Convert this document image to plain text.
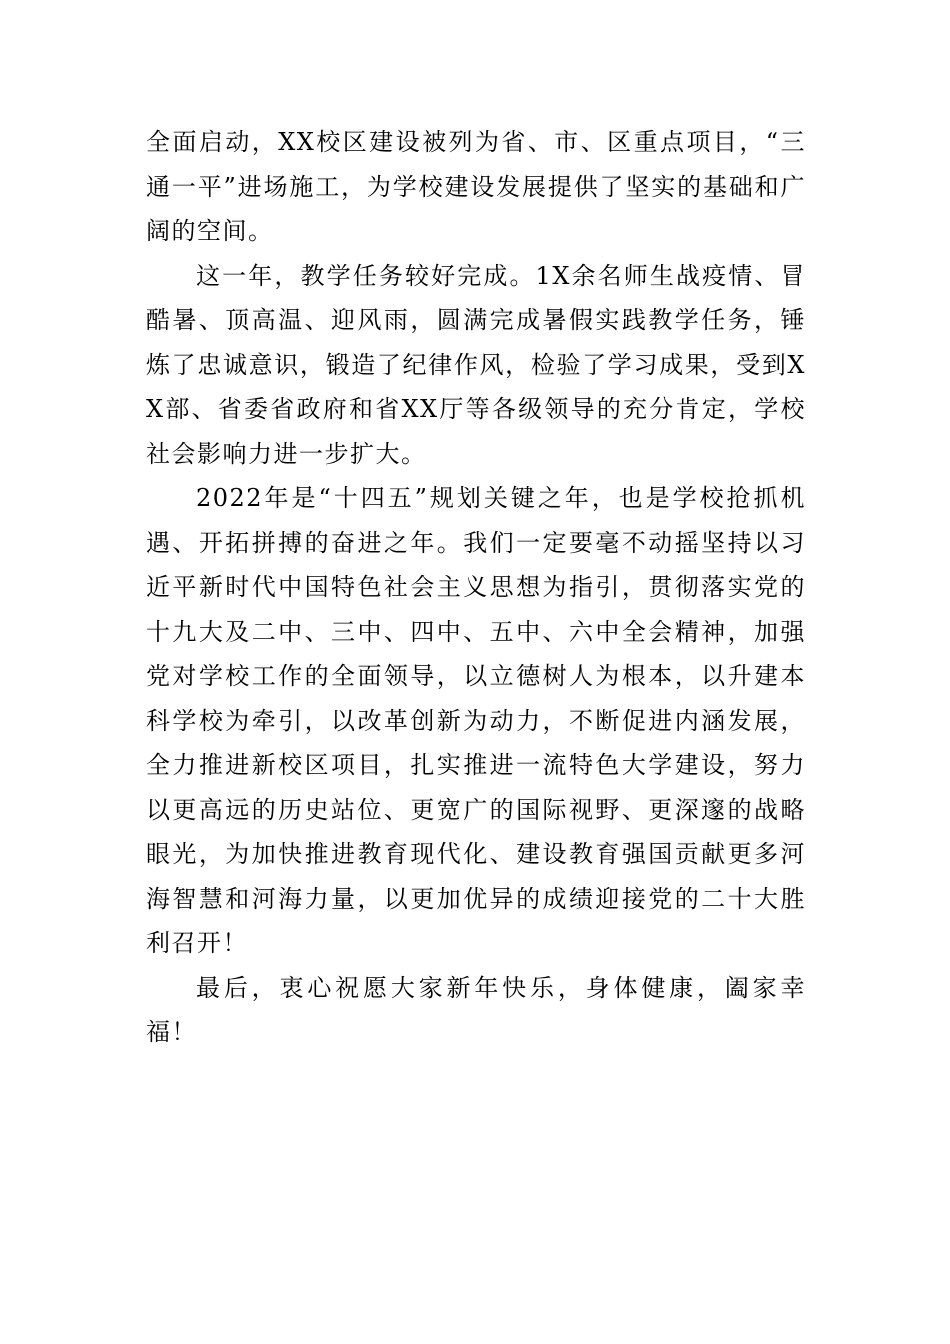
全面启动，XX校区建设被列为省、市、区重点项目，“三通一平”进场施工，为学校建设发展提供了坚实的基础和广阔的空间。

这一年，教学任务较好完成。1X余名师生战疫情、冒酷暑、顶高温、迎风雨，圆满完成暑假实践教学任务，锤炼了忠诚意识，锻造了纪律作风，检验了学习成果，受到XX部、省委省政府和省XX厅等各级领导的充分肯定，学校社会影响力进一步扩大。

2022年是“十四五”规划关键之年，也是学校抢抓机遇、开拓拼搏的奋进之年。我们一定要毫不动摇坚持以习近平新时代中国特色社会主义思想为指引，贯彻落实党的十九大及二中、三中、四中、五中、六中全会精神，加强党对学校工作的全面领导，以立德树人为根本，以升建本科学校为牵引，以改革创新为动力，不断促进内涵发展，全力推进新校区项目，扎实推进一流特色大学建设，努力以更高远的历史站位、更宽广的国际视野、更深邃的战略眼光，为加快推进教育现代化、建设教育强国贡献更多河海智慧和河海力量，以更加优异的成绩迎接党的二十大胜利召开！

最后，衷心祝愿大家新年快乐，身体健康，阖家幸福！
